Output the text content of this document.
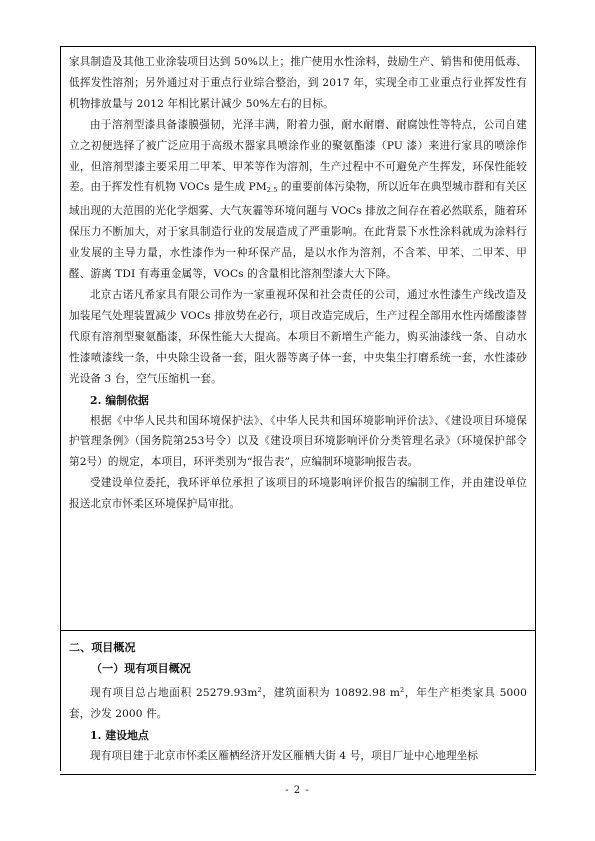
家具制造及其他工业涂装项目达到 50%以上；推广使用水性涂料，鼓励生产、销售和使用低毒、低挥发性溶剂；另外通过对于重点行业综合整治，到 2017 年，实现全市工业重点行业挥发性有机物排放量与 2012 年相比累计减少 50%左右的目标。

由于溶剂型漆具备漆膜强韧，光泽丰满，附着力强，耐水耐磨、耐腐蚀性等特点，公司自建立之初便选择了被广泛应用于高级木器家具喷涂作业的聚氨酯漆（PU 漆）来进行家具的喷涂作业，但溶剂型漆主要采用二甲苯、甲苯等作为溶剂，生产过程中不可避免产生挥发，环保性能较差。由于挥发性有机物 VOCs 是生成 $PM_{2.5}$ 的重要前体污染物，所以近年在典型城市群和有关区域出现的大范围的光化学烟雾、大气灰霾等环境问题与 VOCs 排放之间存在着必然联系，随着环保压力不断加大，对于家具制造行业的发展造成了严重影响。在此背景下水性涂料就成为涂料行业发展的主导力量，水性漆作为一种环保产品，是以水作为溶剂，不含苯、甲苯、二甲苯、甲醛、游离 TDI 有毒重金属等，VOCs 的含量相比溶剂型漆大大下降。

北京古诺凡希家具有限公司作为一家重视环保和社会责任的公司，通过水性漆生产线改造及加装尾气处理装置减少 VOCs 排放势在必行，项目改造完成后，生产过程全部用水性丙烯酸漆替代原有溶剂型聚氨酯漆，环保性能大大提高。本项目不新增生产能力，购买油漆线一条、自动水性漆喷漆线一条，中央除尘设备一套，阻火器等离子体一套，中央集尘打磨系统一套，水性漆砂光设备 3 台，空气压缩机一套。

2. 编制依据

根据《中华人民共和国环境保护法》、《中华人民共和国环境影响评价法》、《建设项目环境保护管理条例》（国务院第253号令）以及《建设项目环境影响评价分类管理名录》（环境保护部令第2号）的规定，本项目，环评类别为“报告表”，应编制环境影响报告表。

受建设单位委托，我环评单位承担了该项目的环境影响评价报告的编制工作，并由建设单位报送北京市怀柔区环境保护局审批。

二、项目概况

（一）现有项目概况

现有项目总占地面积 $25279.93m^2$，建筑面积为 10892.98 $m^2$，年生产柜类家具 5000 套，沙发 2000 件。

1. 建设地点

现有项目建于北京市怀柔区雁栖经济开发区雁栖大街 4 号，项目厂址中心地理坐标

- 2 -
